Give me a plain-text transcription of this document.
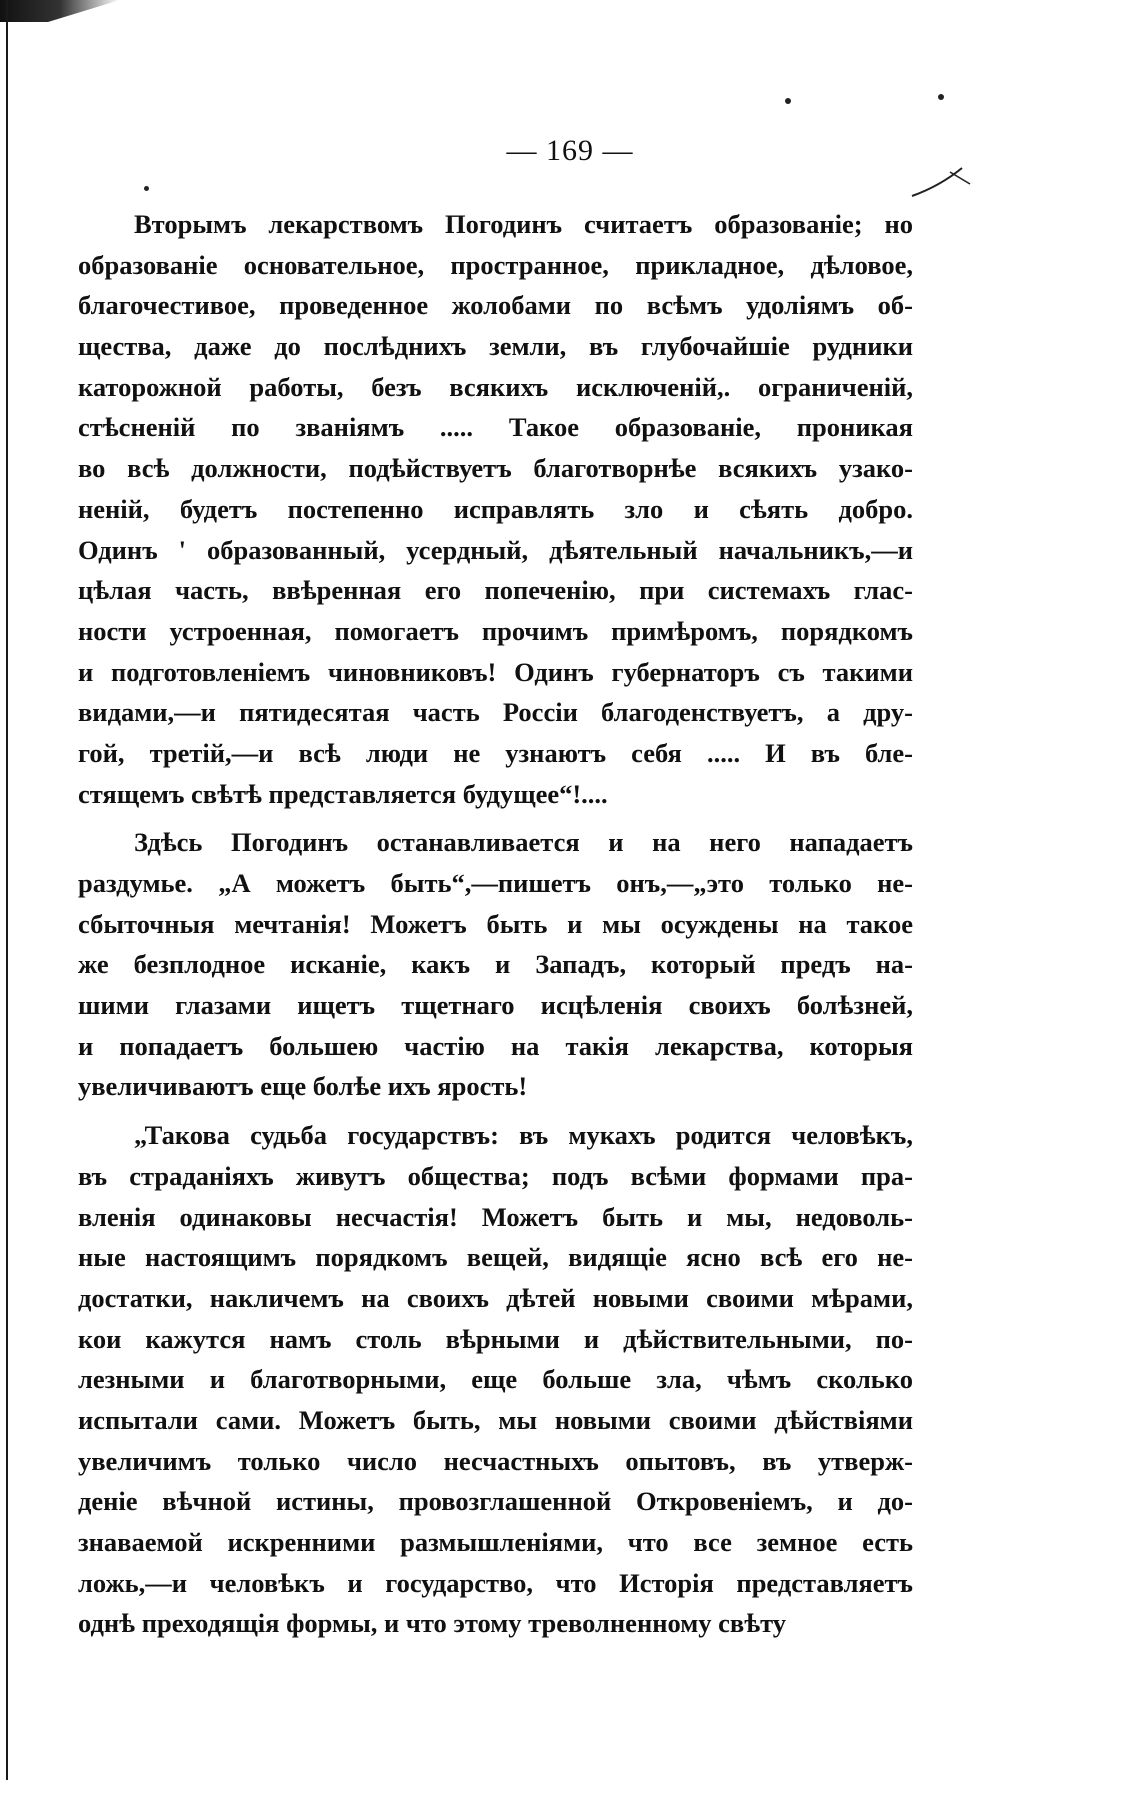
— 169 —
Вторымъ лекарствомъ Погодинъ считаетъ образованіе; но
образованіе основательное, пространное, прикладное, дѣловое,
благочестивое, проведенное жолобами по всѣмъ удоліямъ об-
щества, даже до послѣднихъ земли, въ глубочайшіе рудники
каторожной работы, безъ всякихъ исключеній,. ограниченій,
стѣсненій по званіямъ ..... Такое образованіе, проникая
во всѣ должности, подѣйствуетъ благотворнѣе всякихъ узако-
неній, будетъ постепенно исправлять зло и сѣять добро.
Одинъ ' образованный, усердный, дѣятельный начальникъ,—и
цѣлая часть, ввѣренная его попеченію, при системахъ глас-
ности устроенная, помогаетъ прочимъ примѣромъ, порядкомъ
и подготовленіемъ чиновниковъ! Одинъ губернаторъ съ такими
видами,—и пятидесятая часть Россіи благоденствуетъ, а дру-
гой, третій,—и всѣ люди не узнаютъ себя ..... И въ бле-
стящемъ свѣтѣ представляется будущее“!....
Здѣсь Погодинъ останавливается и на него нападаетъ
раздумье. „А можетъ быть“,—пишетъ онъ,—„это только не-
сбыточныя мечтанія! Можетъ быть и мы осуждены на такое
же безплодное исканіе, какъ и Западъ, который предъ на-
шими глазами ищетъ тщетнаго исцѣленія своихъ болѣзней,
и попадаетъ большею частію на такія лекарства, которыя
увеличиваютъ еще болѣе ихъ ярость!
„Такова судьба государствъ: въ мукахъ родится человѣкъ,
въ страданіяхъ живутъ общества; подъ всѣми формами пра-
вленія одинаковы несчастія! Можетъ быть и мы, недоволь-
ные настоящимъ порядкомъ вещей, видящіе ясно всѣ его не-
достатки, накличемъ на своихъ дѣтей новыми своими мѣрами,
кои кажутся намъ столь вѣрными и дѣйствительными, по-
лезными и благотворными, еще больше зла, чѣмъ сколько
испытали сами. Можетъ быть, мы новыми своими дѣйствіями
увеличимъ только число несчастныхъ опытовъ, въ утверж-
деніе вѣчной истины, провозглашенной Откровеніемъ, и до-
знаваемой искренними размышленіями, что все земное есть
ложь,—и человѣкъ и государство, что Исторія представляетъ
однѣ преходящія формы, и что этому треволненному свѣту
